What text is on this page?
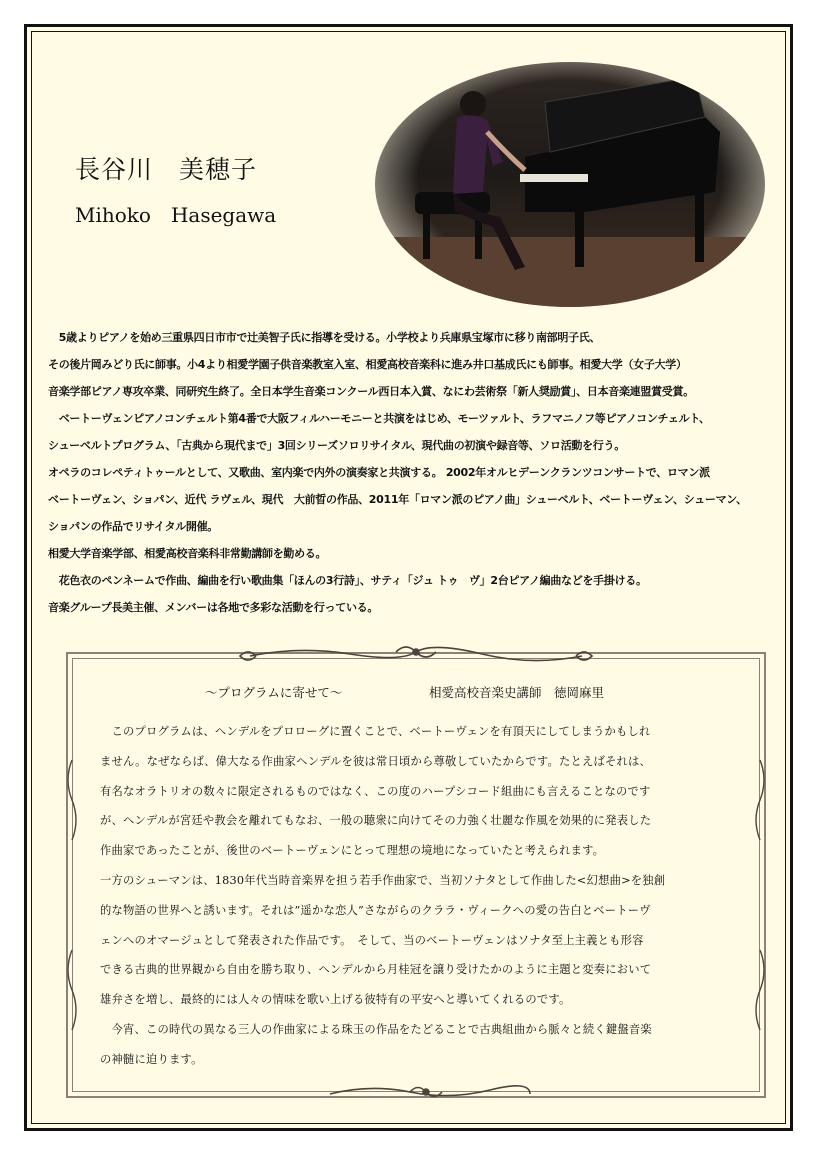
長谷川　美穂子
Mihoko　Hasegawa

　5歳よりピアノを始め三重県四日市市で辻美智子氏に指導を受ける。小学校より兵庫県宝塚市に移り南部明子氏、

その後片岡みどり氏に師事。小4より相愛学園子供音楽教室入室、相愛高校音楽科に進み井口基成氏にも師事。相愛大学（女子大学）

音楽学部ピアノ専攻卒業、同研究生終了。全日本学生音楽コンクール西日本入賞、なにわ芸術祭「新人奨励賞」、日本音楽連盟賞受賞。

　ベートーヴェンピアノコンチェルト第4番で大阪フィルハーモニーと共演をはじめ、モーツァルト、ラフマニノフ等ピアノコンチェルト、

シューベルトプログラム、「古典から現代まで」3回シリーズソロリサイタル、現代曲の初演や録音等、ソロ活動を行う。

オペラのコレペティトゥールとして、又歌曲、室内楽で内外の演奏家と共演する。 2002年オルヒデーンクランツコンサートで、ロマン派

ベートーヴェン、ショパン、近代 ラヴェル、現代　大前晢の作品、2011年「ロマン派のピアノ曲」シューベルト、ベートーヴェン、シューマン、

ショパンの作品でリサイタル開催。

相愛大学音楽学部、相愛高校音楽科非常勤講師を勤める。

　花色衣のペンネームで作曲、編曲を行い歌曲集「ほんの3行詩」、サティ「ジュ トゥ　ヴ」2台ピアノ編曲などを手掛ける。

音楽グループ長美主催、メンバーは各地で多彩な活動を行っている。

～プログラムに寄せて～	相愛高校音楽史講師　徳岡麻里

　このプログラムは、ヘンデルをプロローグに置くことで、ベートーヴェンを有頂天にしてしまうかもしれ

ません。なぜならば、偉大なる作曲家ヘンデルを彼は常日頃から尊敬していたからです。たとえばそれは、

有名なオラトリオの数々に限定されるものではなく、この度のハープシコード組曲にも言えることなのです

が、ヘンデルが宮廷や教会を離れてもなお、一般の聴衆に向けてその力強く壮麗な作風を効果的に発表した

作曲家であったことが、後世のベートーヴェンにとって理想の境地になっていたと考えられます。

一方のシューマンは、1830年代当時音楽界を担う若手作曲家で、当初ソナタとして作曲した<幻想曲>を独創

的な物語の世界へと誘います。それは”遥かな恋人”さながらのクララ・ヴィークへの愛の告白とベートーヴ

ェンへのオマージュとして発表された作品です。　そして、当のベートーヴェンはソナタ至上主義とも形容

できる古典的世界観から自由を勝ち取り、ヘンデルから月桂冠を譲り受けたかのように主題と変奏において

雄弁さを増し、最終的には人々の情味を歌い上げる彼特有の平安へと導いてくれるのです。

　今宵、この時代の異なる三人の作曲家による珠玉の作品をたどることで古典組曲から脈々と続く鍵盤音楽

の神髄に迫ります。
